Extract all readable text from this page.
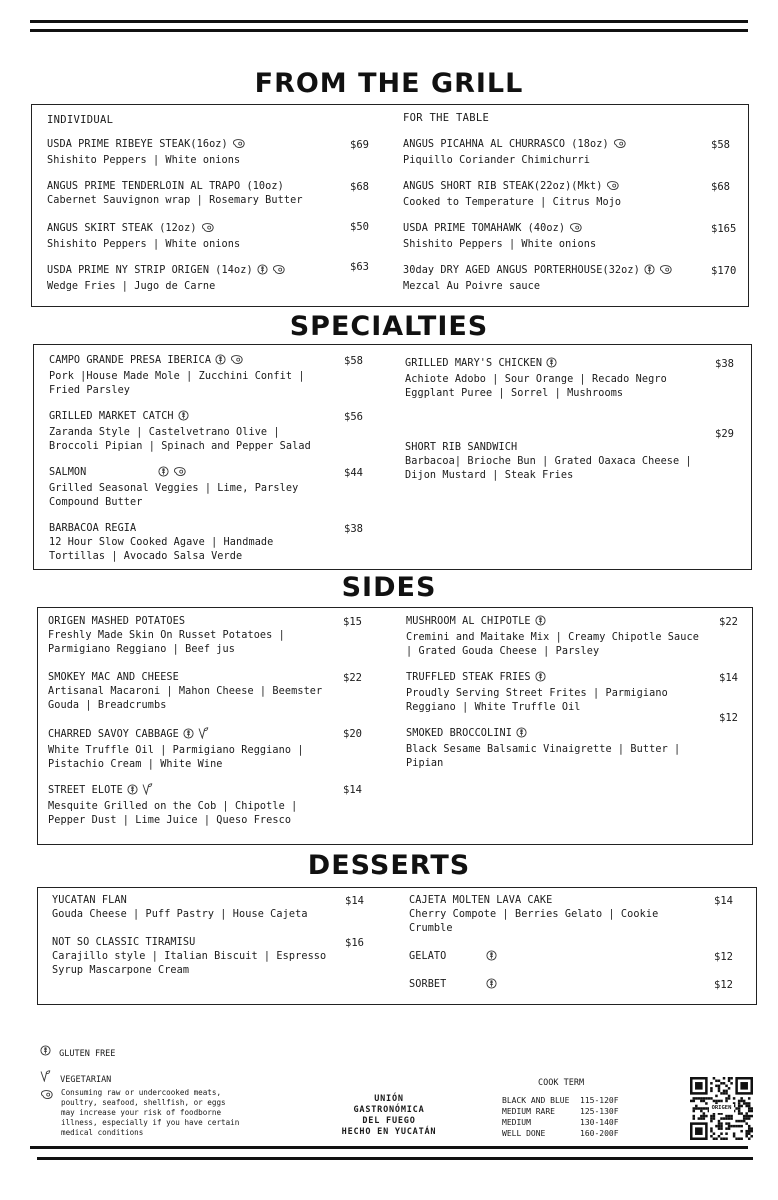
FROM THE GRILL
INDIVIDUAL	FOR THE TABLE
USDA PRIME RIBEYE STEAK(16oz)
Shishito Peppers | White onions
$69
ANGUS PRIME TENDERLOIN AL TRAPO (10oz)
Cabernet Sauvignon wrap | Rosemary Butter
$68
ANGUS SKIRT STEAK (12oz)
Shishito Peppers | White onions
$50
USDA PRIME NY STRIP ORIGEN (14oz)
Wedge Fries | Jugo de Carne
$63
ANGUS PICAHNA AL CHURRASCO (18oz)
Piquillo Coriander Chimichurri
$58
ANGUS SHORT RIB STEAK(22oz)(Mkt)
Cooked to Temperature | Citrus Mojo
$68
USDA PRIME TOMAHAWK (40oz)
Shishito Peppers | White onions
$165
30day DRY AGED ANGUS PORTERHOUSE(32oz)
Mezcal Au Poivre sauce
$170
SPECIALTIES
CAMPO GRANDE PRESA IBERICA
Pork |House Made Mole | Zucchini Confit | Fried Parsley
$58
GRILLED MARKET CATCH
Zaranda Style | Castelvetrano Olive | Broccoli Pipian | Spinach and Pepper Salad
$56
SALMON
Grilled Seasonal Veggies | Lime, Parsley Compound Butter
$44
BARBACOA REGIA
12 Hour Slow Cooked Agave | Handmade Tortillas | Avocado Salsa Verde
$38
GRILLED MARY'S CHICKEN
Achiote Adobo | Sour Orange | Recado Negro Eggplant Puree | Sorrel | Mushrooms
$38
SHORT RIB SANDWICH
Barbacoa| Brioche Bun | Grated Oaxaca Cheese | Dijon Mustard | Steak Fries
$29
SIDES
ORIGEN MASHED POTATOES
Freshly Made Skin On Russet Potatoes | Parmigiano Reggiano | Beef jus
$15
SMOKEY MAC AND CHEESE
Artisanal Macaroni | Mahon Cheese | Beemster Gouda | Breadcrumbs
$22
CHARRED SAVOY CABBAGE
White Truffle Oil | Parmigiano Reggiano | Pistachio Cream | White Wine
$20
STREET ELOTE
Mesquite Grilled on the Cob | Chipotle | Pepper Dust | Lime Juice | Queso Fresco
$14
MUSHROOM AL CHIPOTLE
Cremini and Maitake Mix | Creamy Chipotle Sauce | Grated Gouda Cheese | Parsley
$22
TRUFFLED STEAK FRIES
Proudly Serving Street Frites | Parmigiano Reggiano | White Truffle Oil
$14
SMOKED BROCCOLINI
Black Sesame Balsamic Vinaigrette | Butter | Pipian
$12
DESSERTS
YUCATAN FLAN
Gouda Cheese | Puff Pastry | House Cajeta
$14
NOT SO CLASSIC TIRAMISU
Carajillo style | Italian Biscuit | Espresso Syrup Mascarpone Cream
$16
CAJETA MOLTEN LAVA CAKE
Cherry Compote | Berries Gelato | Cookie Crumble
$14
GELATO	$12
SORBET	$12
GLUTEN FREE
VEGETARIAN
Consuming raw or undercooked meats, poultry, seafood, shellfish, or eggs may increase your risk of foodborne illness, especially if you have certain medical conditions
UNIÓN
GASTRONÓMICA
DEL FUEGO
HECHO EN YUCATÁN
COOK TERM
BLACK AND BLUE 115-120F
MEDIUM RARE	125-130F
MEDIUM	130-140F
WELL DONE	160-200F
ORIGEN
